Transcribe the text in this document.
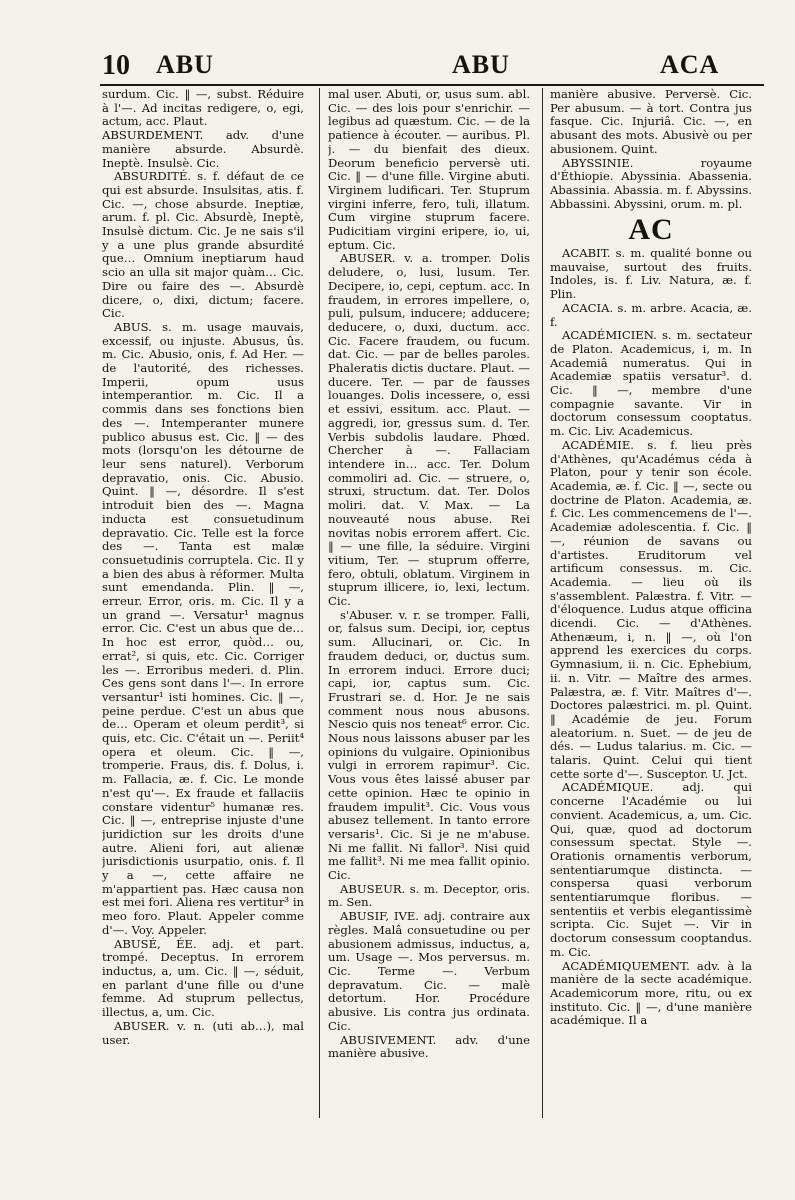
10 ABU	ABU	ACA

surdum. Cic. ‖ —, subst. Réduire à l'—. Ad incitas redigere, o, egi, actum, acc. Plaut.

ABSURDEMENT. adv. d'une manière absurde. Absurdè. Ineptè. Insulsè. Cic.

ABSURDITÉ. s. f. défaut de ce qui est absurde. Insulsitas, atis. f. Cic. —, chose absurde. Ineptiæ, arum. f. pl. Cic. Absurdè, Ineptè, Insulsè dictum. Cic. Je ne sais s'il y a une plus grande absurdité que… Omnium ineptiarum haud scio an ulla sit major quàm… Cic. Dire ou faire des —. Absurdè dicere, o, dixi, dictum; facere. Cic.

ABUS. s. m. usage mauvais, excessif, ou injuste. Abusus, ûs. m. Cic. Abusio, onis, f. Ad Her. — de l'autorité, des richesses. Imperii, opum usus intemperantior. m. Cic. Il a commis dans ses fonctions bien des —. Intemperanter munere publico abusus est. Cic. ‖ — des mots (lorsqu'on les détourne de leur sens naturel). Verborum depravatio, onis. Cic. Abusio. Quint. ‖ —, désordre. Il s'est introduit bien des —. Magna inducta est consuetudinum depravatio. Cic. Telle est la force des —. Tanta est malæ consuetudinis corruptela. Cic. Il y a bien des abus à réformer. Multa sunt emendanda. Plin. ‖ —, erreur. Error, oris. m. Cic. Il y a un grand —. Versatur¹ magnus error. Cic. C'est un abus que de… In hoc est error, quòd… ou, errat², si quis, etc. Cic. Corriger les —. Erroribus mederi. d. Plin. Ces gens sont dans l'—. In errore versantur¹ isti homines. Cic. ‖ —, peine perdue. C'est un abus que de… Operam et oleum perdit³, si quis, etc. Cic. C'était un —. Periit⁴ opera et oleum. Cic. ‖ —, tromperie. Fraus, dis. f. Dolus, i. m. Fallacia, æ. f. Cic. Le monde n'est qu'—. Ex fraude et fallaciis constare videntur⁵ humanæ res. Cic. ‖ —, entreprise injuste d'une juridiction sur les droits d'une autre. Alieni fori, aut alienæ jurisdictionis usurpatio, onis. f. Il y a —, cette affaire ne m'appartient pas. Hæc causa non est mei fori. Aliena res vertitur³ in meo foro. Plaut. Appeler comme d'—. Voy. Appeler.

ABUSÉ, ÉE. adj. et part. trompé. Deceptus. In errorem inductus, a, um. Cic. ‖ —, séduit, en parlant d'une fille ou d'une femme. Ad stuprum pellectus, illectus, a, um. Cic.

ABUSER. v. n. (uti ab…), mal user.

mal user. Abuti, or, usus sum. abl. Cic. — des lois pour s'enrichir. — legibus ad quæstum. Cic. — de la patience à écouter. — auribus. Pl. j. — du bienfait des dieux. Deorum beneficio perversè uti. Cic. ‖ — d'une fille. Virgine abuti. Virginem ludificari. Ter. Stuprum virgini inferre, fero, tuli, illatum. Cum virgine stuprum facere. Pudicitiam virgini eripere, io, ui, eptum. Cic.

ABUSER. v. a. tromper. Dolis deludere, o, lusi, lusum. Ter. Decipere, io, cepi, ceptum. acc. In fraudem, in errores impellere, o, puli, pulsum, inducere; adducere; deducere, o, duxi, ductum. acc. Cic. Facere fraudem, ou fucum. dat. Cic. — par de belles paroles. Phaleratis dictis ductare. Plaut. — ducere. Ter. — par de fausses louanges. Dolis incessere, o, essi et essivi, essitum. acc. Plaut. — aggredi, ior, gressus sum. d. Ter. Verbis subdolis laudare. Phœd. Chercher à —. Fallaciam intendere in… acc. Ter. Dolum commoliri ad. Cic. — struere, o, struxi, structum. dat. Ter. Dolos moliri. dat. V. Max. — La nouveauté nous abuse. Rei novitas nobis errorem affert. Cic. ‖ — une fille, la séduire. Virgini vitium, Ter. — stuprum offerre, fero, obtuli, oblatum. Virginem in stuprum illicere, io, lexi, lectum. Cic.

s'Abuser. v. r. se tromper. Falli, or, falsus sum. Decipi, ior, ceptus sum. Allucinari, or. Cic. In fraudem deduci, or, ductus sum. In errorem induci. Errore duci; capi, ior, captus sum. Cic. Frustrari se. d. Hor. Je ne sais comment nous nous abusons. Nescio quis nos teneat⁶ error. Cic. Nous nous laissons abuser par les opinions du vulgaire. Opinionibus vulgi in errorem rapimur³. Cic. Vous vous êtes laissé abuser par cette opinion. Hæc te opinio in fraudem impulit³. Cic. Vous vous abusez tellement. In tanto errore versaris¹. Cic. Si je ne m'abuse. Ni me fallit. Ni fallor³. Nisi quid me fallit³. Ni me mea fallit opinio. Cic.

ABUSEUR. s. m. Deceptor, oris. m. Sen.

ABUSIF, IVE. adj. contraire aux règles. Malâ consuetudine ou per abusionem admissus, inductus, a, um. Usage —. Mos perversus. m. Cic. Terme —. Verbum depravatum. Cic. — malè detortum. Hor. Procédure abusive. Lis contra jus ordinata. Cic.

ABUSIVEMENT. adv. d'une manière abusive.

manière abusive. Perversè. Cic. Per abusum. — à tort. Contra jus fasque. Cic. Injuriâ. Cic. —, en abusant des mots. Abusivè ou per abusionem. Quint.

ABYSSINIE. royaume d'Éthiopie. Abyssinia. Abassenia. Abassinia. Abassia. m. f. Abyssins. Abbassini. Abyssini, orum. m. pl.

AC

ACABIT. s. m. qualité bonne ou mauvaise, surtout des fruits. Indoles, is. f. Liv. Natura, æ. f. Plin.

ACACIA. s. m. arbre. Acacia, æ. f.

ACADÉMICIEN. s. m. sectateur de Platon. Academicus, i, m. In Academiâ numeratus. Qui in Academiæ spatiis versatur³. d. Cic. ‖ —, membre d'une compagnie savante. Vir in doctorum consessum cooptatus. m. Cic. Liv. Academicus.

ACADÉMIE. s. f. lieu près d'Athènes, qu'Académus céda à Platon, pour y tenir son école. Academia, æ. f. Cic. ‖ —, secte ou doctrine de Platon. Academia, æ. f. Cic. Les commencemens de l'—. Academiæ adolescentia. f. Cic. ‖ —, réunion de savans ou d'artistes. Eruditorum vel artificum consessus. m. Cic. Academia. — lieu où ils s'assemblent. Palæstra. f. Vitr. — d'éloquence. Ludus atque officina dicendi. Cic. — d'Athènes. Athenæum, i, n. ‖ —, où l'on apprend les exercices du corps. Gymnasium, ii. n. Cic. Ephebium, ii. n. Vitr. — Maître des armes. Palæstra, æ. f. Vitr. Maîtres d'—. Doctores palæstrici. m. pl. Quint. ‖ Académie de jeu. Forum aleatorium. n. Suet. — de jeu de dés. — Ludus talarius. m. Cic. — talaris. Quint. Celui qui tient cette sorte d'—. Susceptor. U. Jct.

ACADÉMIQUE. adj. qui concerne l'Académie ou lui convient. Academicus, a, um. Cic. Qui, quæ, quod ad doctorum consessum spectat. Style —. Orationis ornamentis verborum, sententiarumque distincta. — conspersa quasi verborum sententiarumque floribus. — sententiis et verbis elegantissimè scripta. Cic. Sujet —. Vir in doctorum consessum cooptandus. m. Cic.

ACADÉMIQUEMENT. adv. à la manière de la secte académique. Academicorum more, ritu, ou ex instituto. Cic. ‖ —, d'une manière académique. Il a
